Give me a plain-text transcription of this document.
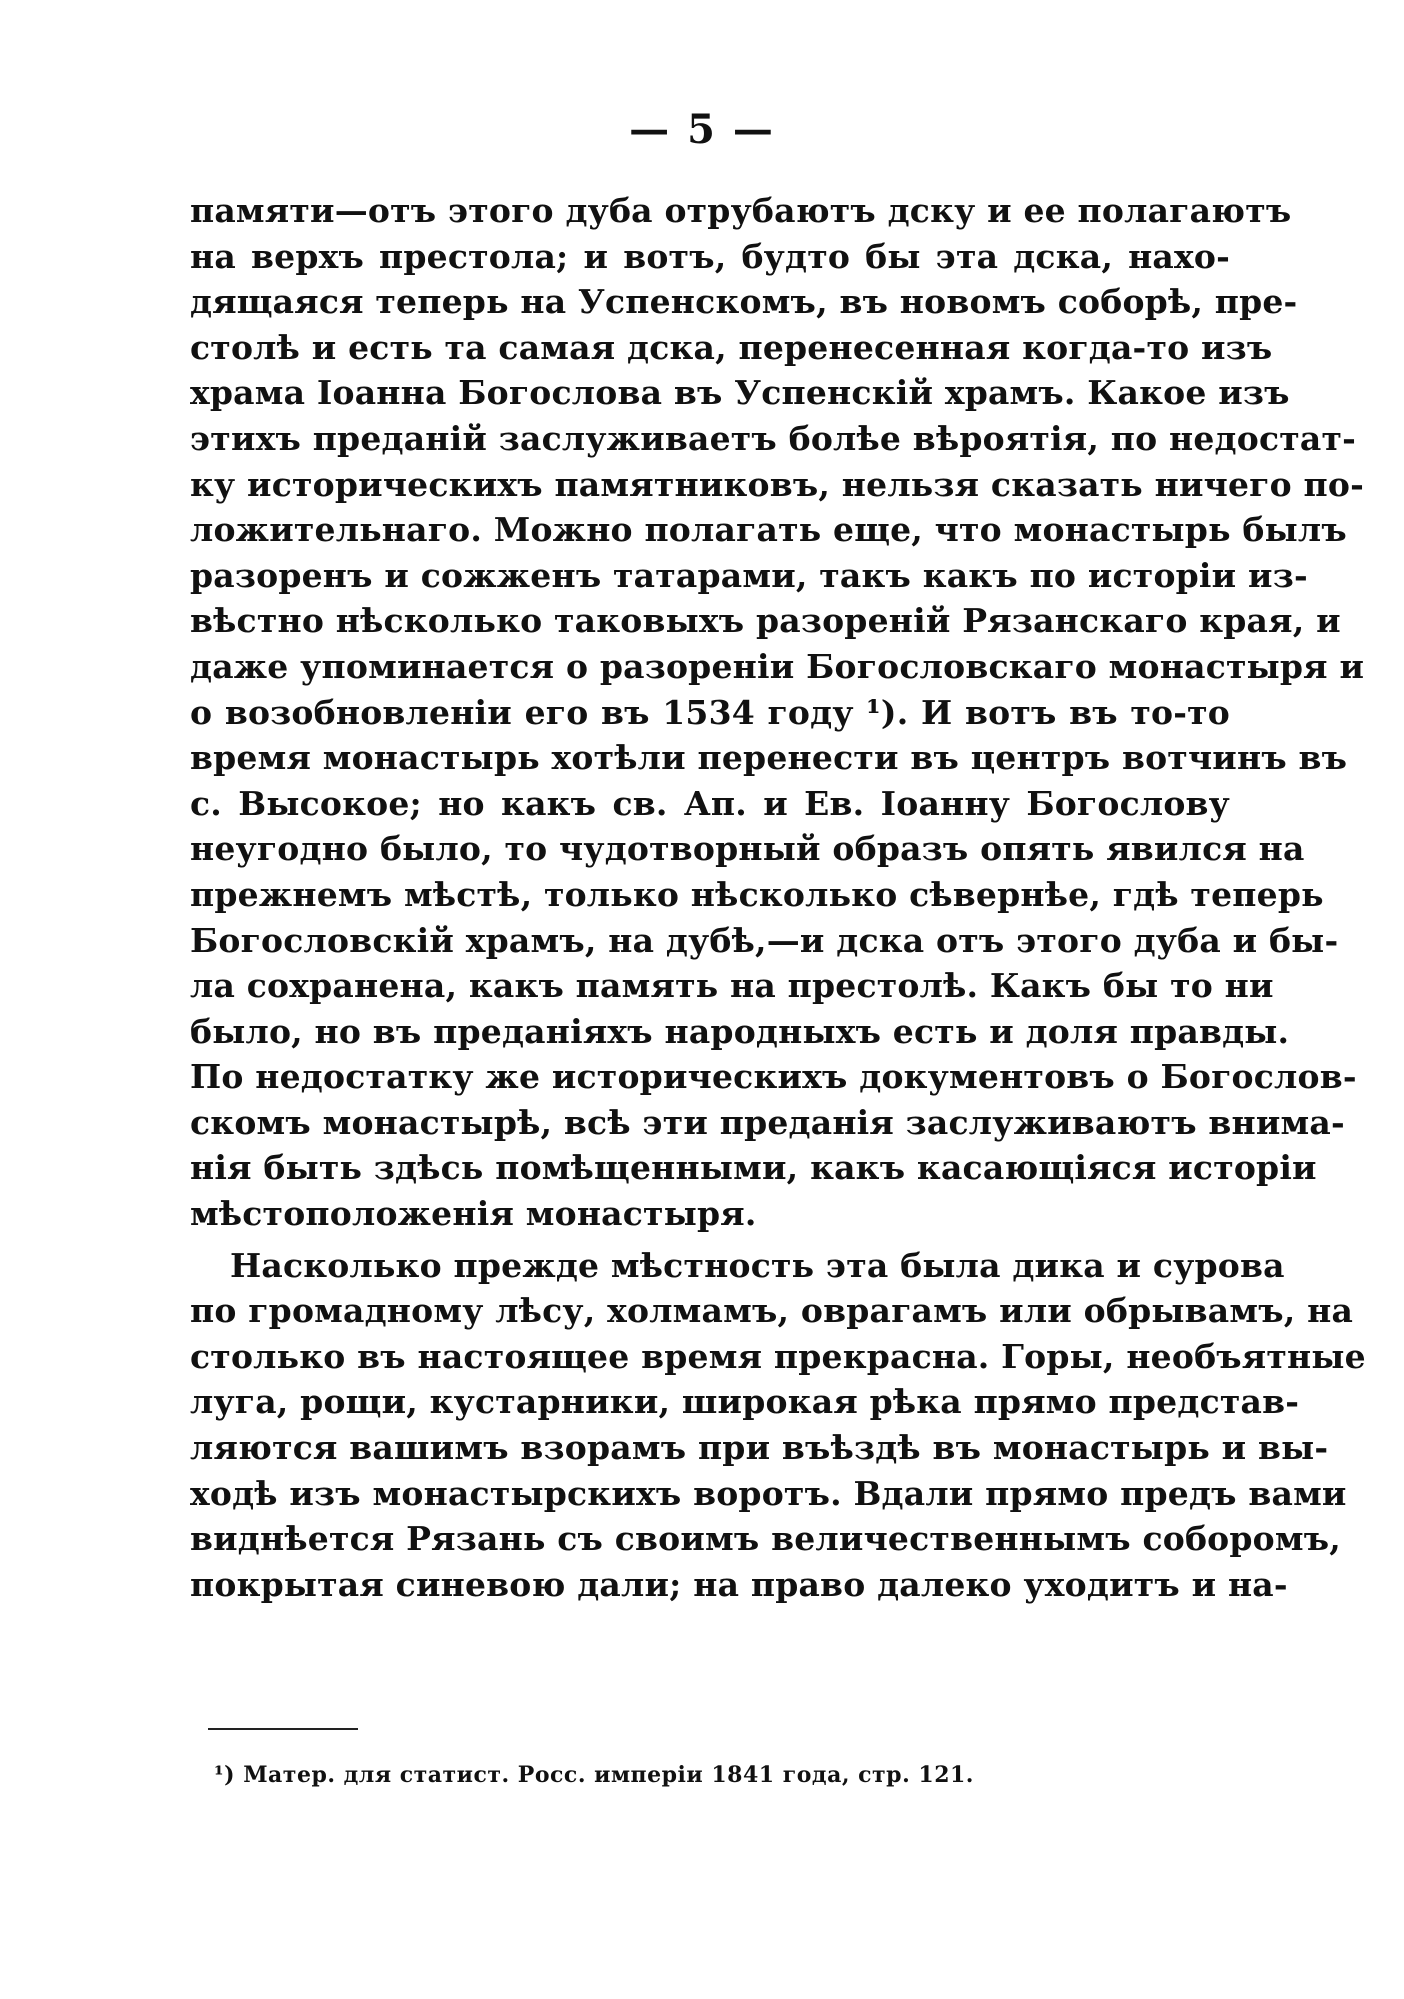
— 5 —
памяти—отъ этого дуба отрубаютъ дску и ее полагаютъ
на верхъ престола; и вотъ, будто бы эта дска, нахо-
дящаяся теперь на Успенскомъ, въ новомъ соборѣ, пре-
столѣ и есть та самая дска, перенесенная когда-то изъ
храма Іоанна Богослова въ Успенскій храмъ. Какое изъ
этихъ преданій заслуживаетъ болѣе вѣроятія, по недостат-
ку историческихъ памятниковъ, нельзя сказать ничего по-
ложительнаго. Можно полагать еще, что монастырь былъ
разоренъ и сожженъ татарами, такъ какъ по исторіи из-
вѣстно нѣсколько таковыхъ разореній Рязанскаго края, и
даже упоминается о разореніи Богословскаго монастыря и
о возобновленіи его въ 1534 году ¹). И вотъ въ то-то
время монастырь хотѣли перенести въ центръ вотчинъ въ
с. Высокое; но какъ св. Ап. и Ев. Іоанну Богослову
неугодно было, то чудотворный образъ опять явился на
прежнемъ мѣстѣ, только нѣсколько сѣвернѣе, гдѣ теперь
Богословскій храмъ, на дубѣ,—и дска отъ этого дуба и бы-
ла сохранена, какъ память на престолѣ. Какъ бы то ни
было, но въ преданіяхъ народныхъ есть и доля правды.
По недостатку же историческихъ документовъ о Богослов-
скомъ монастырѣ, всѣ эти преданія заслуживаютъ внима-
нія быть здѣсь помѣщенными, какъ касающіяся исторіи
мѣстоположенія монастыря.
Насколько прежде мѣстность эта была дика и сурова
по громадному лѣсу, холмамъ, оврагамъ или обрывамъ, на
столько въ настоящее время прекрасна. Горы, необъятные
луга, рощи, кустарники, широкая рѣка прямо представ-
ляются вашимъ взорамъ при въѣздѣ въ монастырь и вы-
ходѣ изъ монастырскихъ воротъ. Вдали прямо предъ вами
виднѣется Рязань съ своимъ величественнымъ соборомъ,
покрытая синевою дали; на право далеко уходитъ и на-
¹) Матер. для статист. Росс. имперіи 1841 года, стр. 121.
